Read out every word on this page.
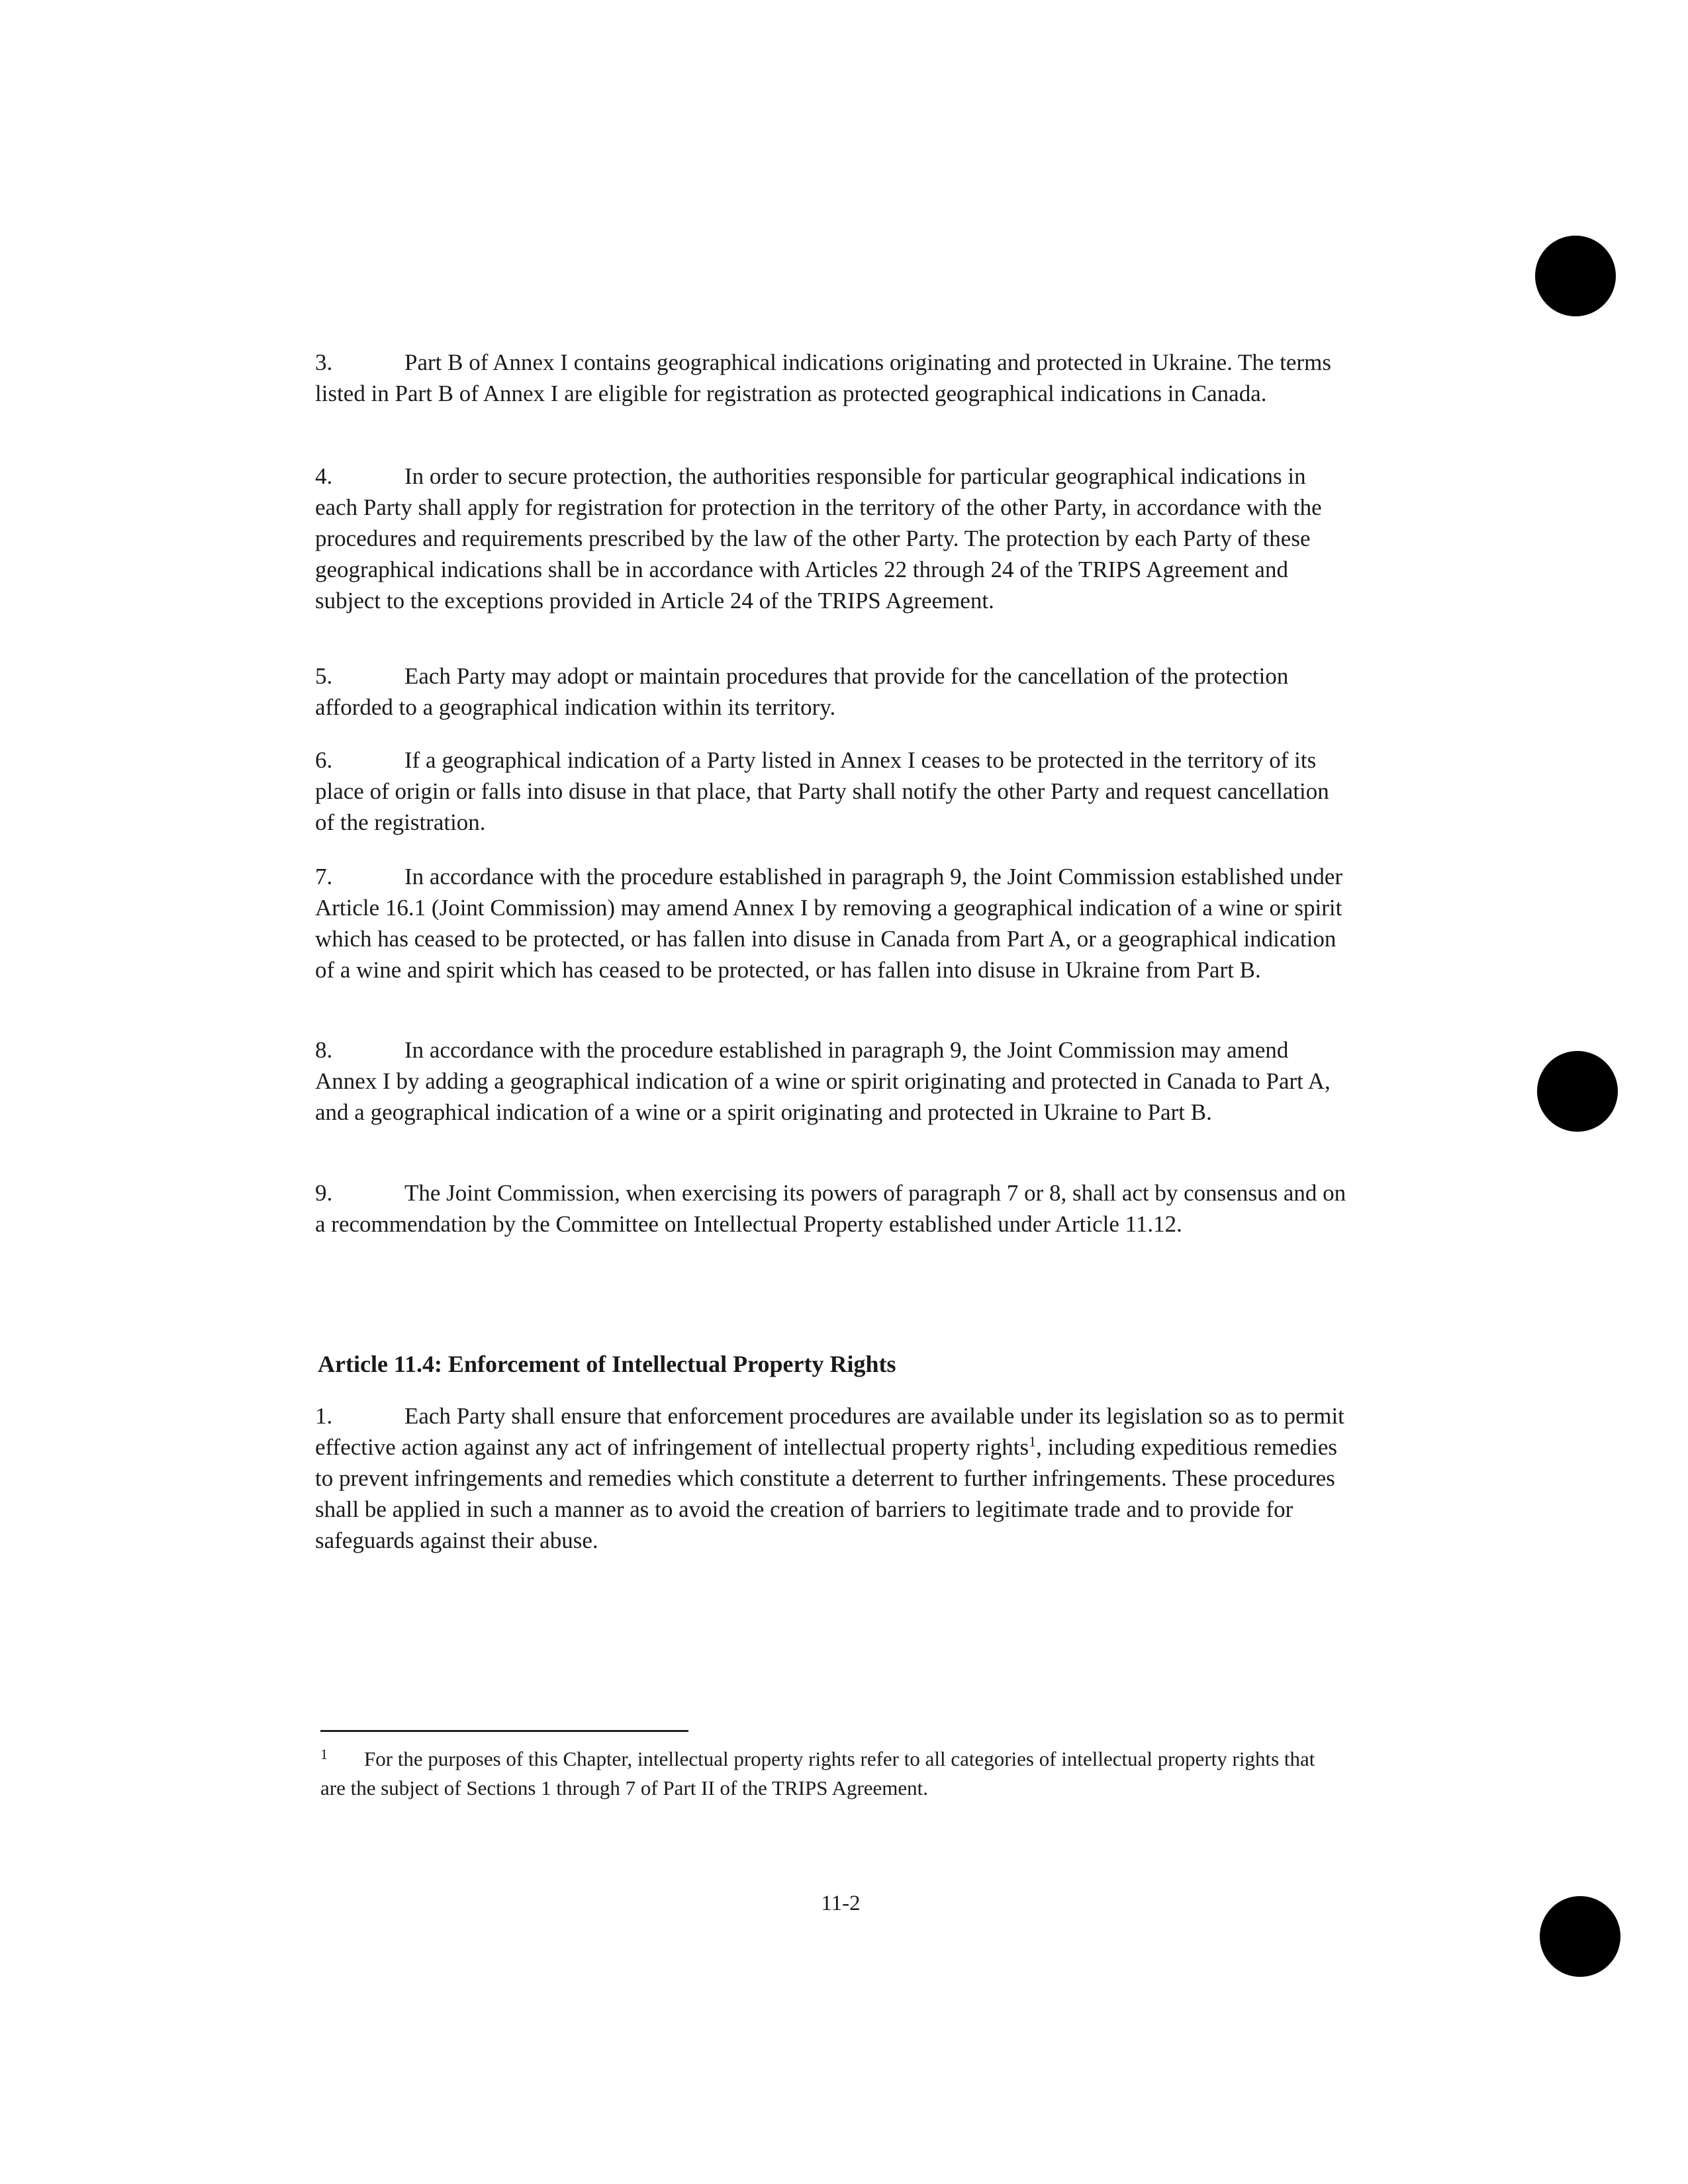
3.	Part B of Annex I contains geographical indications originating and protected in Ukraine. The terms listed in Part B of Annex I are eligible for registration as protected geographical indications in Canada.

4.	In order to secure protection, the authorities responsible for particular geographical indications in each Party shall apply for registration for protection in the territory of the other Party, in accordance with the procedures and requirements prescribed by the law of the other Party. The protection by each Party of these geographical indications shall be in accordance with Articles 22 through 24 of the TRIPS Agreement and subject to the exceptions provided in Article 24 of the TRIPS Agreement.

5.	Each Party may adopt or maintain procedures that provide for the cancellation of the protection afforded to a geographical indication within its territory.

6.	If a geographical indication of a Party listed in Annex I ceases to be protected in the territory of its place of origin or falls into disuse in that place, that Party shall notify the other Party and request cancellation of the registration.

7.	In accordance with the procedure established in paragraph 9, the Joint Commission established under Article 16.1 (Joint Commission) may amend Annex I by removing a geographical indication of a wine or spirit which has ceased to be protected, or has fallen into disuse in Canada from Part A, or a geographical indication of a wine and spirit which has ceased to be protected, or has fallen into disuse in Ukraine from Part B.

8.	In accordance with the procedure established in paragraph 9, the Joint Commission may amend Annex I by adding a geographical indication of a wine or spirit originating and protected in Canada to Part A, and a geographical indication of a wine or a spirit originating and protected in Ukraine to Part B.

9.	The Joint Commission, when exercising its powers of paragraph 7 or 8, shall act by consensus and on a recommendation by the Committee on Intellectual Property established under Article 11.12.

Article 11.4: Enforcement of Intellectual Property Rights

1.	Each Party shall ensure that enforcement procedures are available under its legislation so as to permit effective action against any act of infringement of intellectual property rights$^1$, including expeditious remedies to prevent infringements and remedies which constitute a deterrent to further infringements. These procedures shall be applied in such a manner as to avoid the creation of barriers to legitimate trade and to provide for safeguards against their abuse.

1 For the purposes of this Chapter, intellectual property rights refer to all categories of intellectual property rights that are the subject of Sections 1 through 7 of Part II of the TRIPS Agreement.

11-2
